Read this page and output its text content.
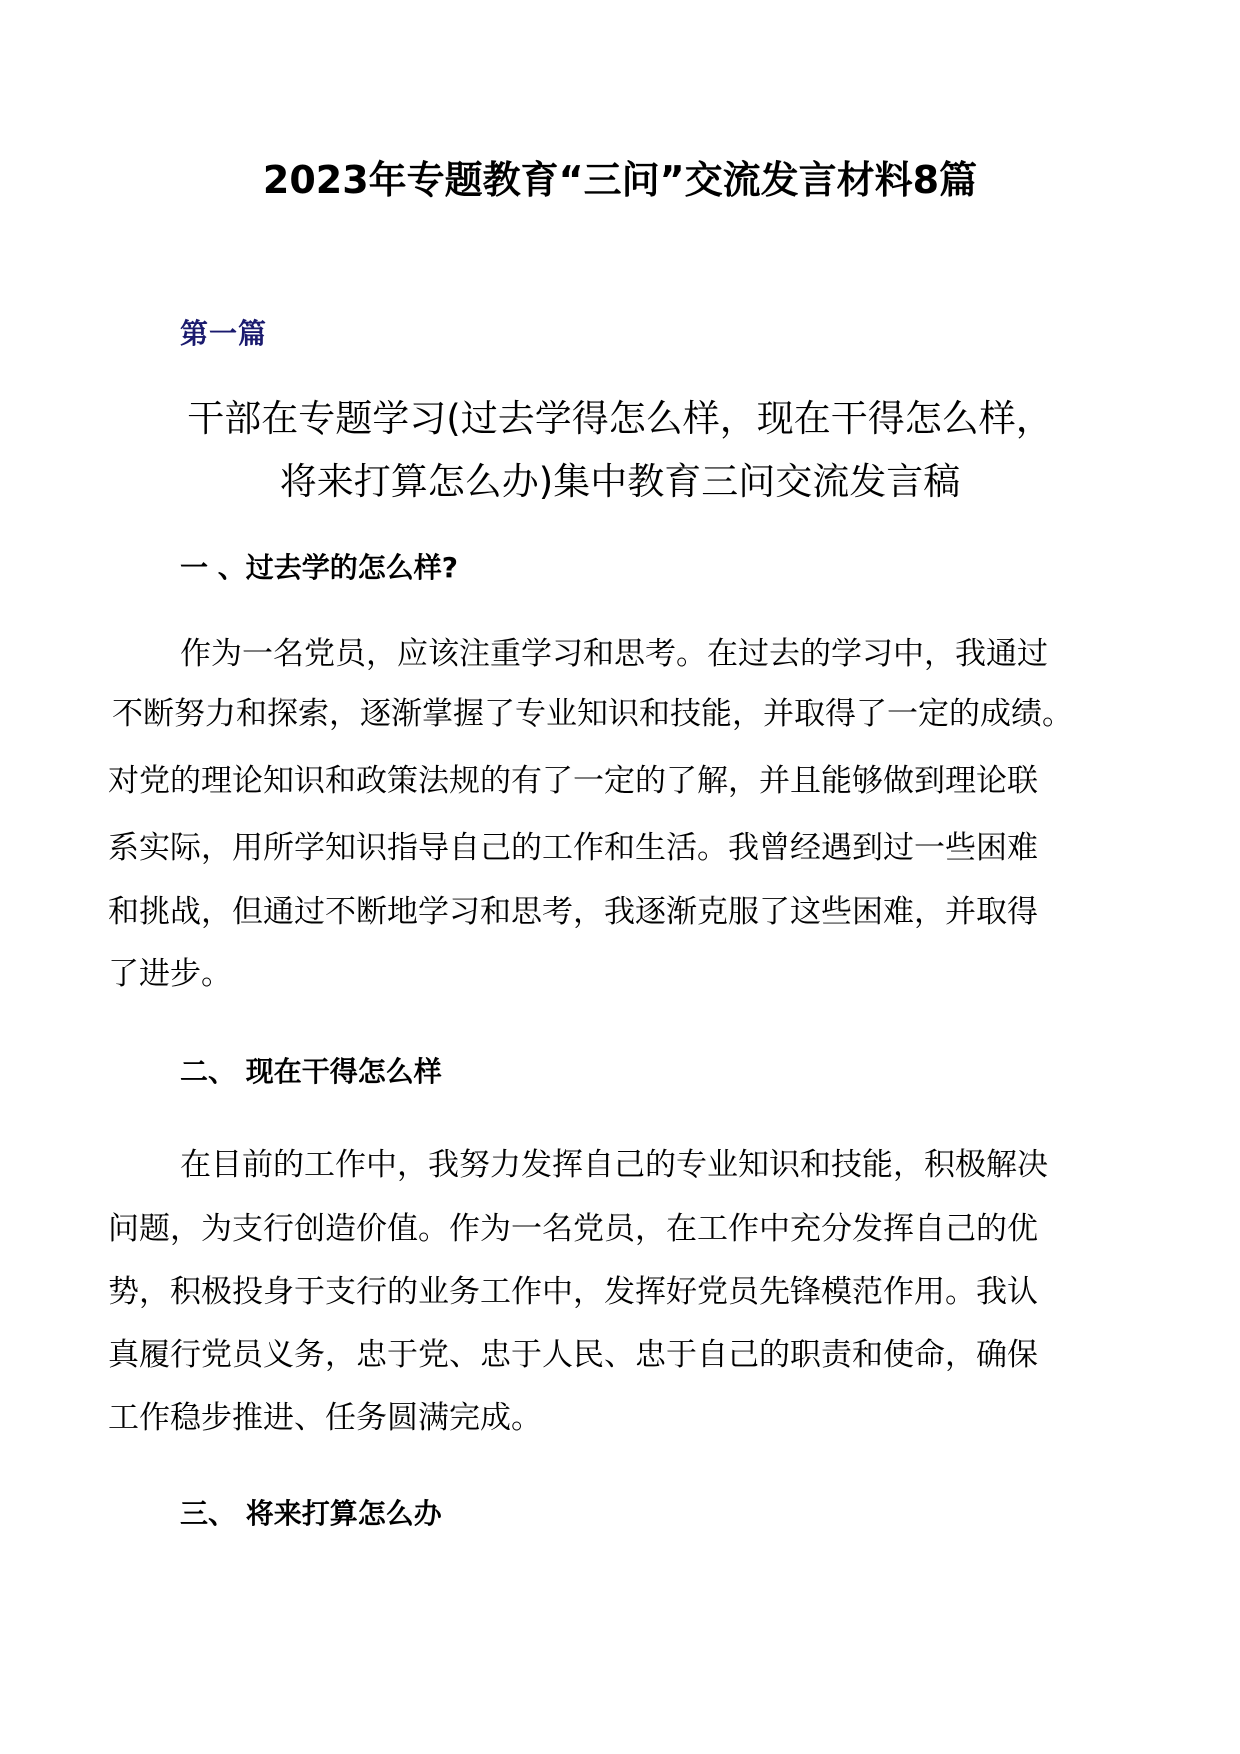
2023年专题教育“三问”交流发言材料8篇
第一篇
干部在专题学习(过去学得怎么样，现在干得怎么样，
将来打算怎么办)集中教育三问交流发言稿
一 、过去学的怎么样?
作为一名党员，应该注重学习和思考。在过去的学习中，我通过
不断努力和探索，逐渐掌握了专业知识和技能，并取得了一定的成绩。
对党的理论知识和政策法规的有了一定的了解，并且能够做到理论联
系实际，用所学知识指导自己的工作和生活。我曾经遇到过一些困难
和挑战，但通过不断地学习和思考，我逐渐克服了这些困难，并取得
了进步。
二、 现在干得怎么样
在目前的工作中，我努力发挥自己的专业知识和技能，积极解决
问题，为支行创造价值。作为一名党员，在工作中充分发挥自己的优
势，积极投身于支行的业务工作中，发挥好党员先锋模范作用。我认
真履行党员义务，忠于党、忠于人民、忠于自己的职责和使命，确保
工作稳步推进、任务圆满完成。
三、 将来打算怎么办
